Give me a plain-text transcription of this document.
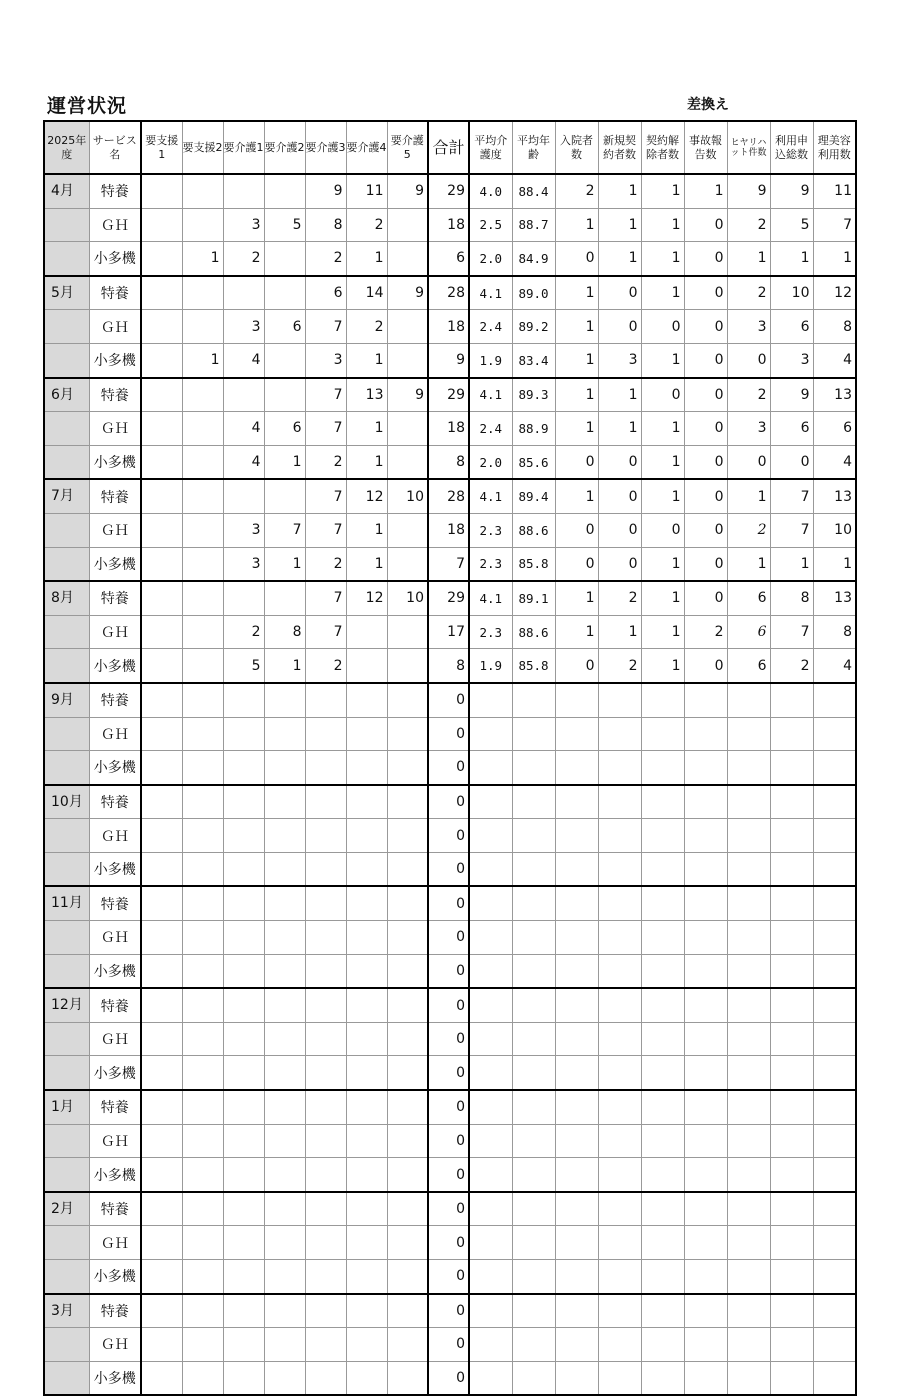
運営状況	差換え
2025年度	サービス名	要支援1	要支援2	要介護1	要介護2	要介護3	要介護4	要介護5	合計	平均介護度	平均年齢	入院者数	新規契約者数	契約解除者数	事故報告数	ヒヤリハット件数	利用申込総数	理美容利用数
4月	特養					9	11	9	29	4.0	88.4	2	1	1	1	9	9	11
	ＧＨ			3	5	8	2		18	2.5	88.7	1	1	1	0	2	5	7
	小多機		1	2		2	1		6	2.0	84.9	0	1	1	0	1	1	1
5月	特養					6	14	9	28	4.1	89.0	1	0	1	0	2	10	12
	ＧＨ			3	6	7	2		18	2.4	89.2	1	0	0	0	3	6	8
	小多機		1	4		3	1		9	1.9	83.4	1	3	1	0	0	3	4
6月	特養					7	13	9	29	4.1	89.3	1	1	0	0	2	9	13
	ＧＨ			4	6	7	1		18	2.4	88.9	1	1	1	0	3	6	6
	小多機			4	1	2	1		8	2.0	85.6	0	0	1	0	0	0	4
7月	特養					7	12	10	28	4.1	89.4	1	0	1	0	1	7	13
	ＧＨ			3	7	7	1		18	2.3	88.6	0	0	0	0	2	7	10
	小多機			3	1	2	1		7	2.3	85.8	0	0	1	0	1	1	1
8月	特養					7	12	10	29	4.1	89.1	1	2	1	0	6	8	13
	ＧＨ			2	8	7			17	2.3	88.6	1	1	1	2	6	7	8
	小多機			5	1	2			8	1.9	85.8	0	2	1	0	6	2	4
9月	特養								0									
	ＧＨ								0									
	小多機								0									
10月	特養								0									
	ＧＨ								0									
	小多機								0									
11月	特養								0									
	ＧＨ								0									
	小多機								0									
12月	特養								0									
	ＧＨ								0									
	小多機								0									
1月	特養								0									
	ＧＨ								0									
	小多機								0									
2月	特養								0									
	ＧＨ								0									
	小多機								0									
3月	特養								0									
	ＧＨ								0									
	小多機								0									
